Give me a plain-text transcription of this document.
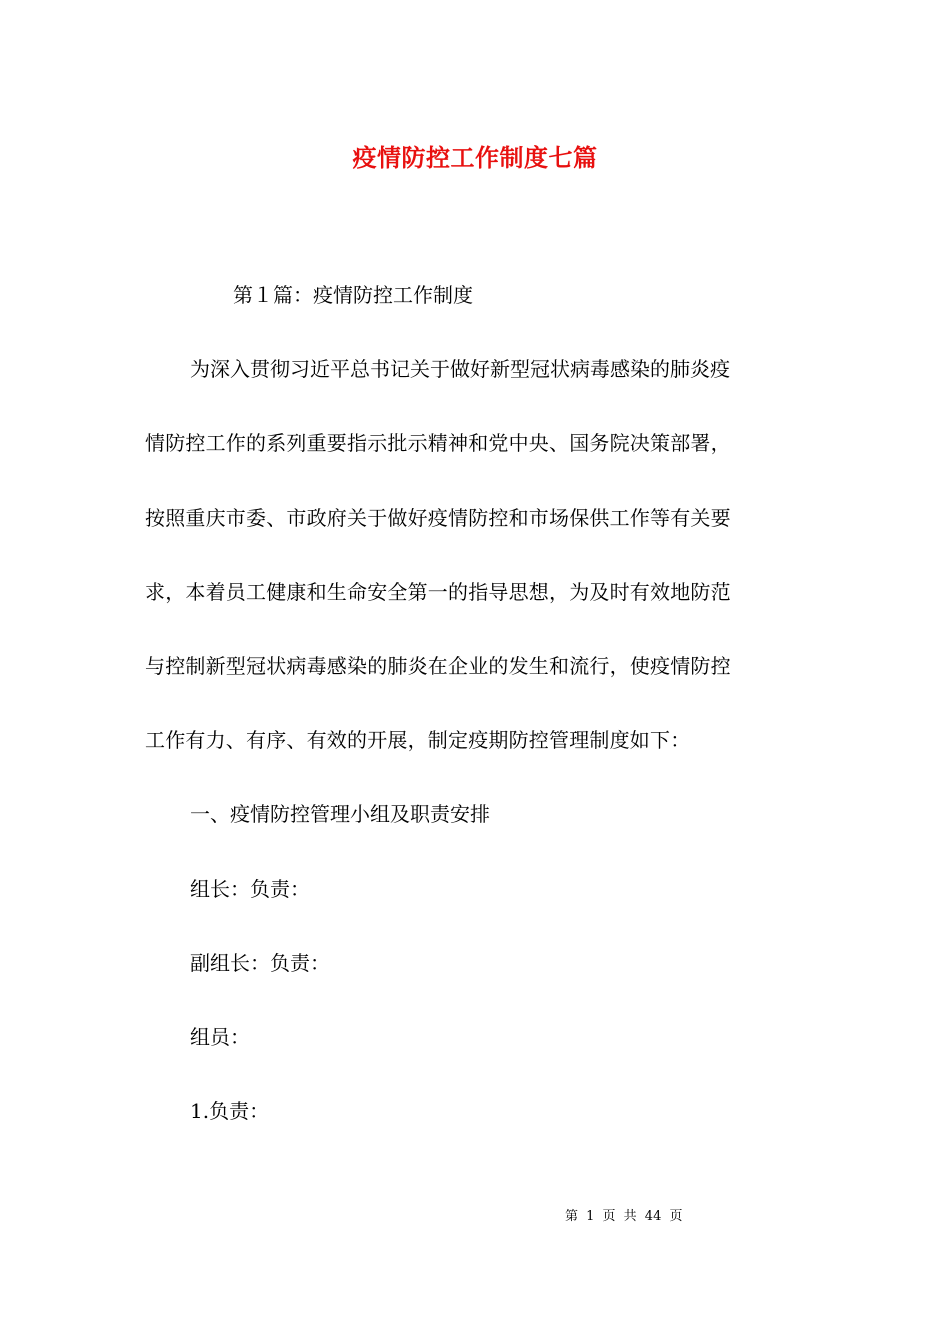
疫情防控工作制度七篇
第１篇：疫情防控工作制度
为深入贯彻习近平总书记关于做好新型冠状病毒感染的肺炎疫
情防控工作的系列重要指示批示精神和党中央、国务院决策部署，
按照重庆市委、市政府关于做好疫情防控和市场保供工作等有关要
求，本着员工健康和生命安全第一的指导思想，为及时有效地防范
与控制新型冠状病毒感染的肺炎在企业的发生和流行，使疫情防控
工作有力、有序、有效的开展，制定疫期防控管理制度如下：
一、疫情防控管理小组及职责安排
组长：负责：
副组长：负责：
组员：
1.负责：
第 1 页 共 44 页
